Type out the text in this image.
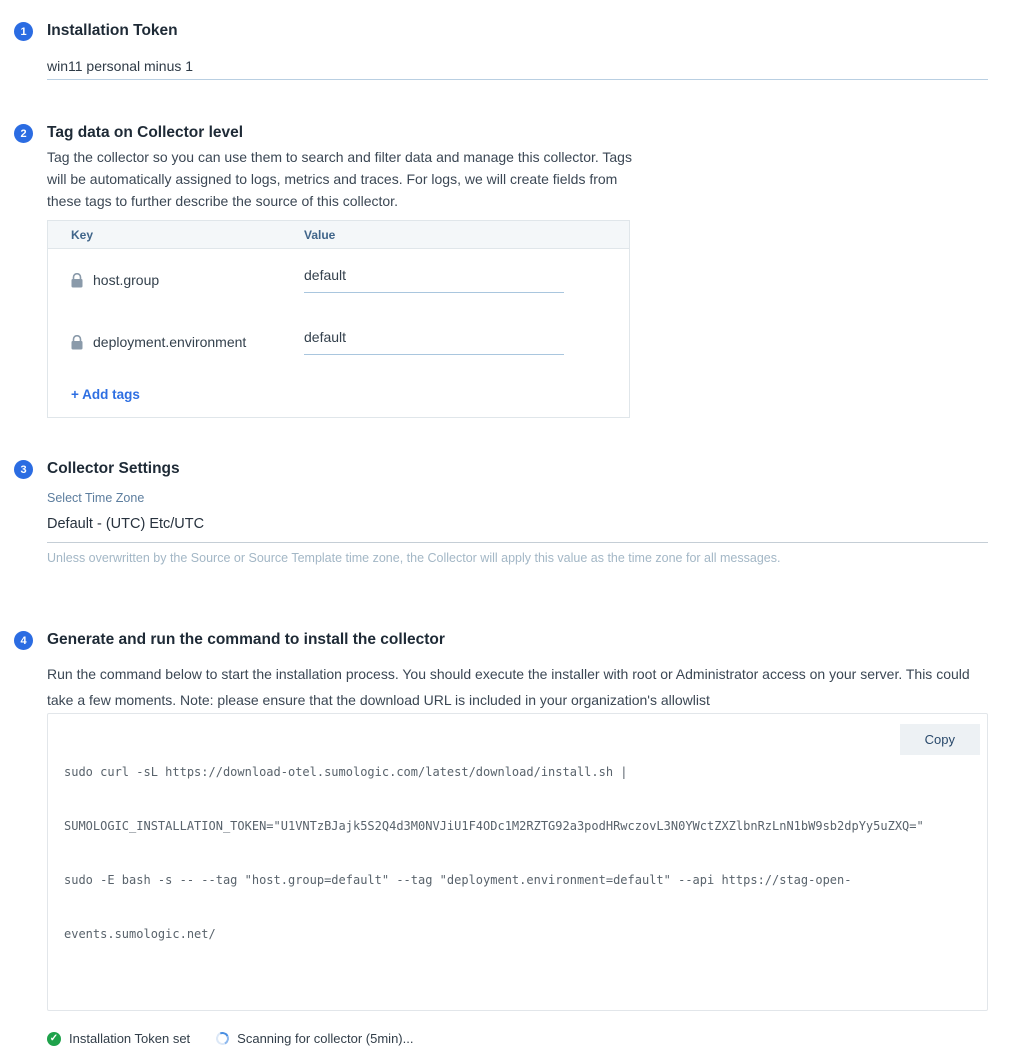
1	Installation Token
win11 personal minus 1
2	Tag data on Collector level
Tag the collector so you can use them to search and filter data and manage this collector. Tags will be automatically assigned to logs, metrics and traces. For logs, we will create fields from these tags to further describe the source of this collector.
Key	Value
host.group	default
deployment.environment	default
+ Add tags
3	Collector Settings
Select Time Zone
Default - (UTC) Etc/UTC
Unless overwritten by the Source or Source Template time zone, the Collector will apply this value as the time zone for all messages.
4	Generate and run the command to install the collector
Run the command below to start the installation process. You should execute the installer with root or Administrator access on your server. This could take a few moments. Note: please ensure that the download URL is included in your organization's allowlist

sudo curl -sL https://download-otel.sumologic.com/latest/download/install.sh |

SUMOLOGIC_INSTALLATION_TOKEN="U1VNTzBJajk5S2Q4d3M0NVJiU1F4ODc1M2RZTG92a3podHRwczovL3N0YWctZXZlbnRzLnN1bW9sb2dpYy5uZXQ="

sudo -E bash -s -- --tag "host.group=default" --tag "deployment.environment=default" --api https://stag-open-

events.sumologic.net/

Copy

✓ Installation Token set	Scanning for collector (5min)...
